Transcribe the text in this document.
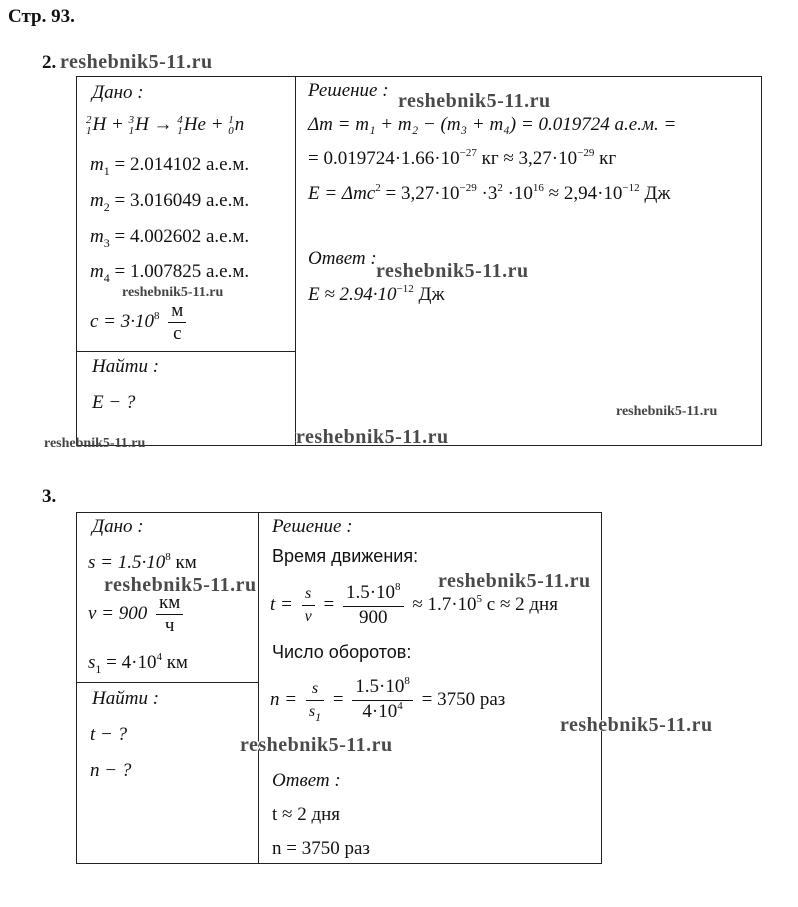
Стр. 93.
2. reshebnik5-11.ru
Дано :
2
1 H + 3
1 H → 4
1 He + 1
0 n
$m_1 = 2.014102$ а.е.м.
$m_2 = 3.016049$ а.е.м.
$m_3 = 4.002602$ а.е.м.
$m_4 = 1.007825$ а.е.м.
reshebnik5-11.ru
$c = 3\cdot 10^8 \frac{м}{с}$
Найти :
E − ?
Решение : reshebnik5-11.ru
Δm = m₁ + m₂ − (m₃ + m₄) = 0.019724 а.е.м. =
= $0.019724\cdot 1.66\cdot 10^{-27}$ кг ≈ $3,27\cdot 10^{-29}$ кг
$E = \Delta mc^2 = 3,27\cdot 10^{-29} \cdot 3^2 \cdot 10^{16} \approx 2,94\cdot 10^{-12}$ Дж
Ответ :
reshebnik5-11.ru
$E \approx 2.94\cdot 10^{-12}$ Дж
reshebnik5-11.ru
reshebnik5-11.ru
reshebnik5-11.ru
3.
Дано :
$s = 1.5\cdot 10^8$ км
$v = 900 \frac{км}{ч}$
$s_1 = 4\cdot 10^4$ км
reshebnik5-11.ru
Найти :
t − ?
n − ?
Решение :
Время движения:
$t = \frac{s}{v} = \frac{1.5\cdot 10^8}{900} \approx 1.7\cdot 10^5$ с ≈ 2 дня
reshebnik5-11.ru
Число оборотов:
$n = \frac{s}{s_1} = \frac{1.5\cdot 10^8}{4\cdot 10^4} = 3750$ раз
reshebnik5-11.ru
reshebnik5-11.ru
Ответ :
t ≈ 2 дня
n = 3750 раз
